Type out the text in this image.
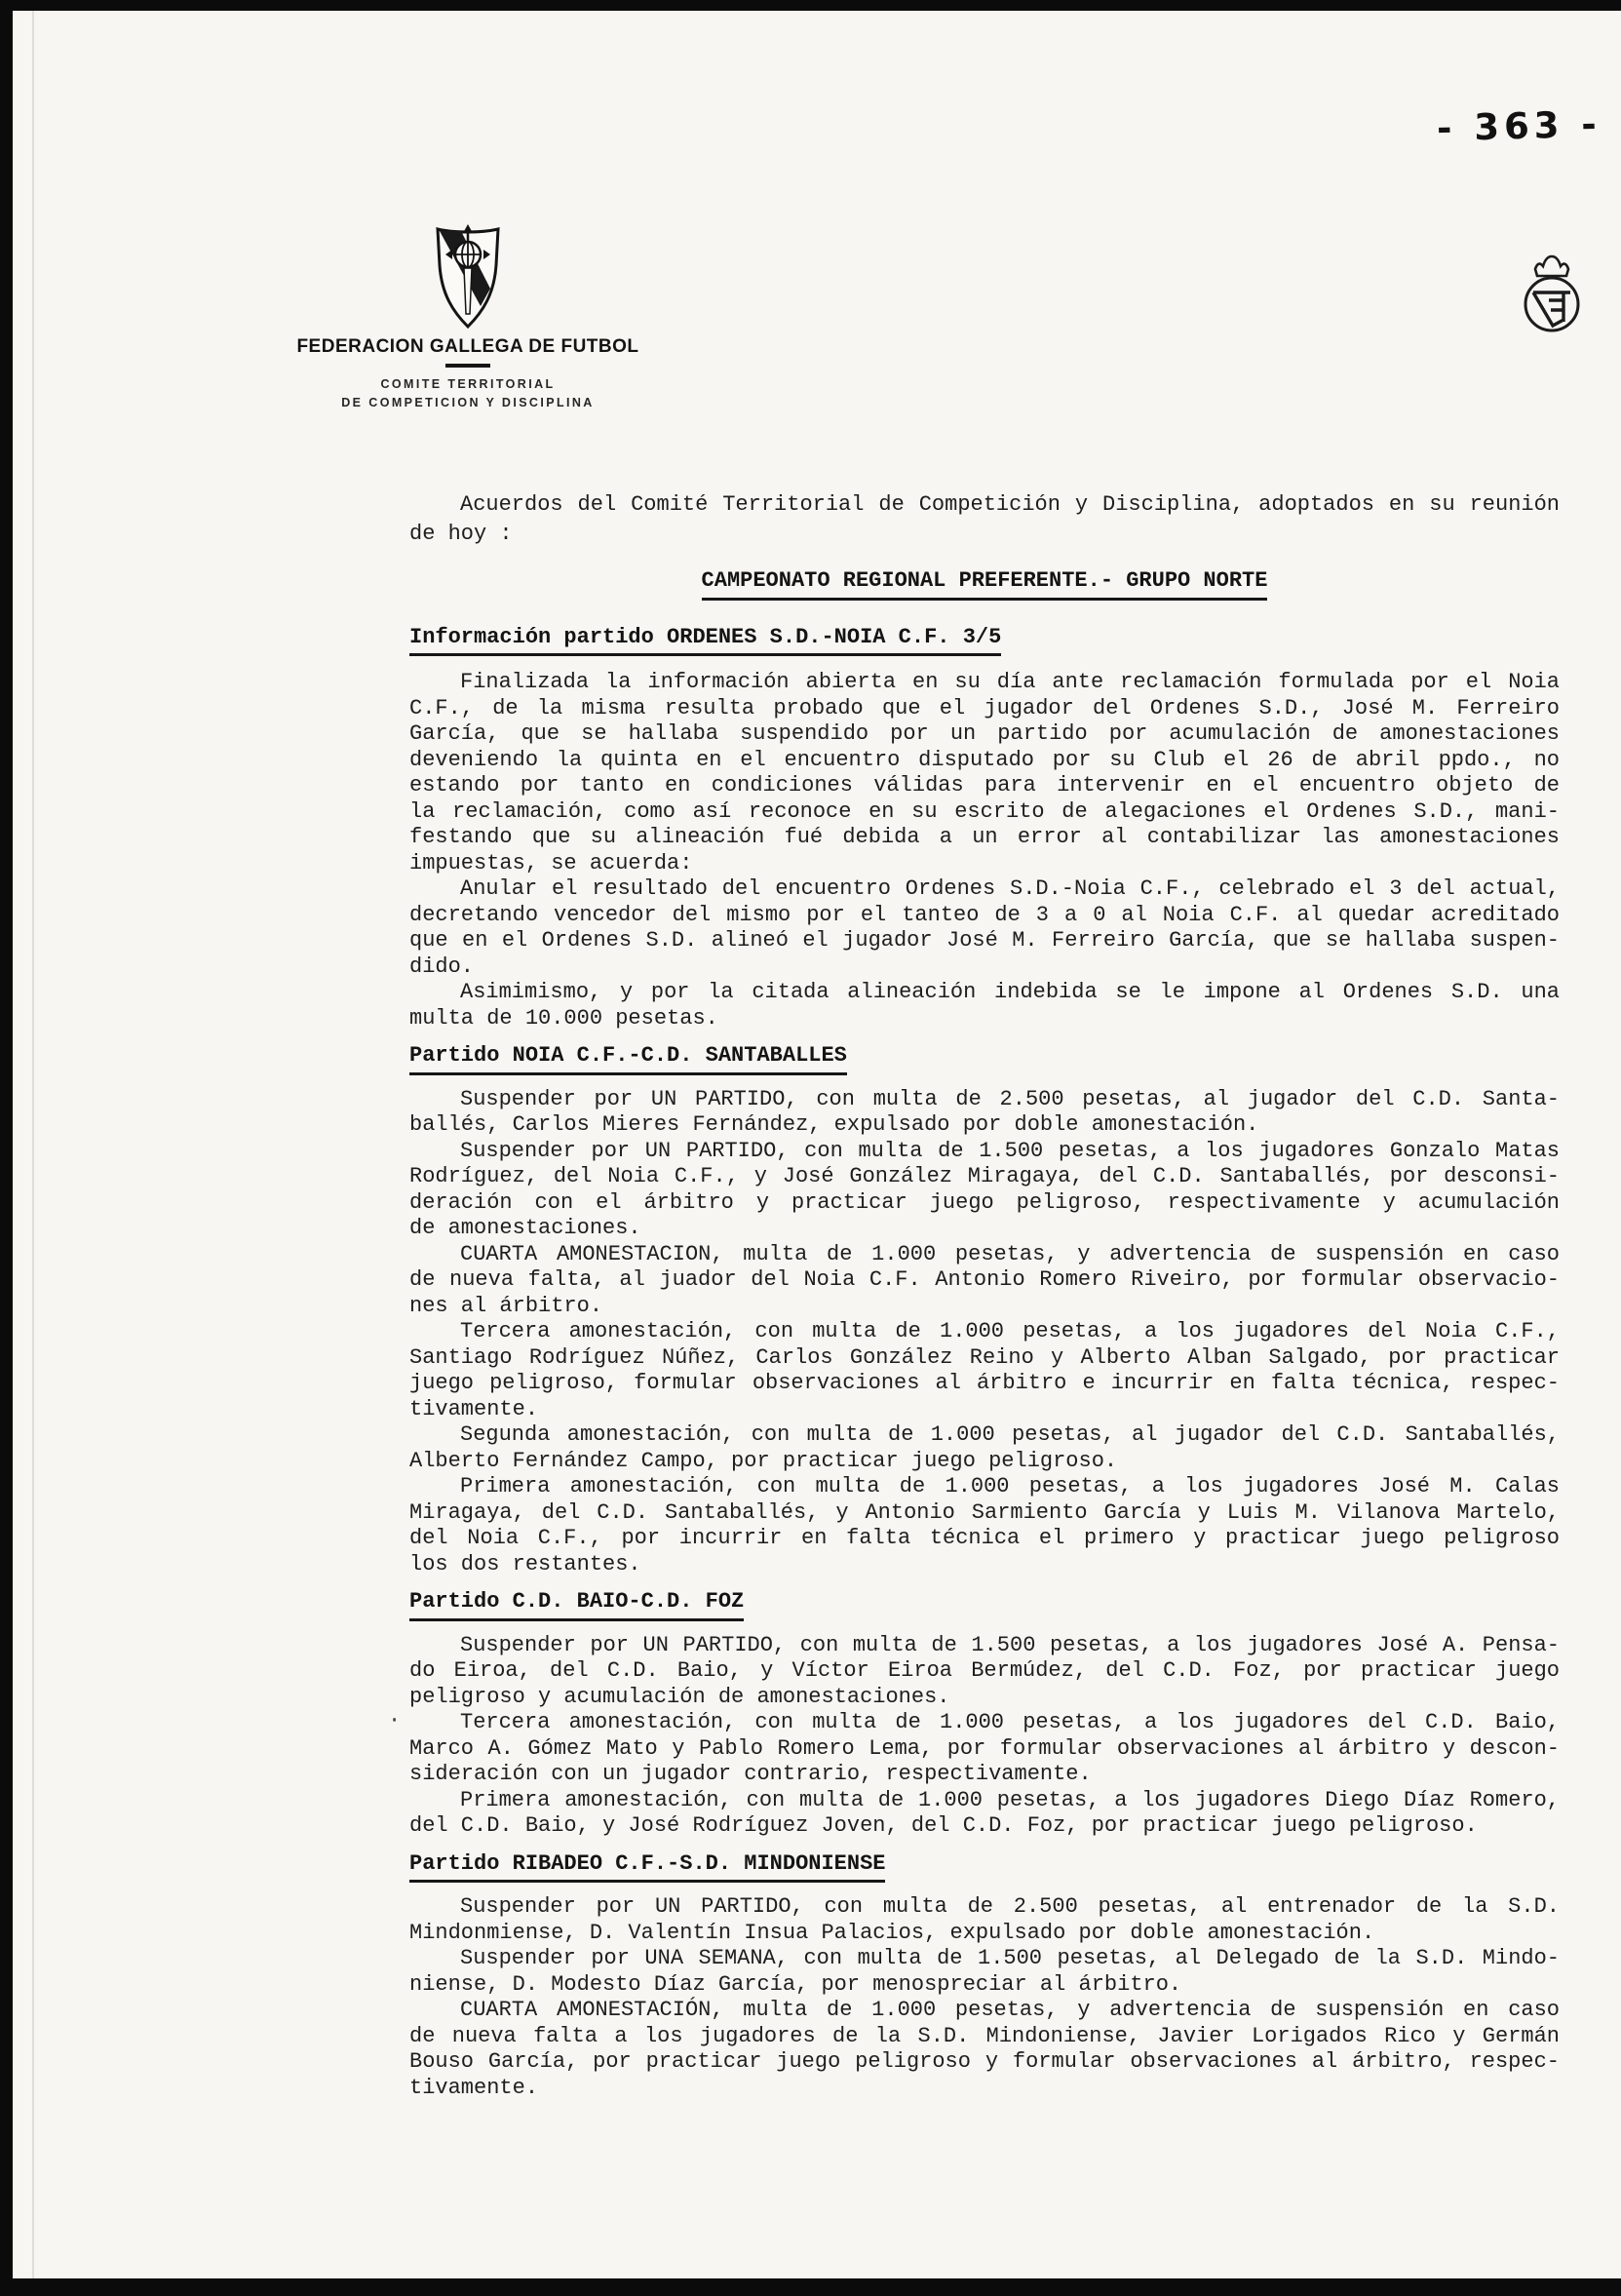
- 363 -
FEDERACION GALLEGA DE FUTBOL
COMITE TERRITORIAL
DE COMPETICION Y DISCIPLINA
Acuerdos del Comité Territorial de Competición y Disciplina, adoptados en su reunión
de hoy :
CAMPEONATO REGIONAL PREFERENTE.- GRUPO NORTE
Información partido ORDENES S.D.-NOIA C.F. 3/5
Finalizada la información abierta en su día ante reclamación formulada por el Noia
C.F., de la misma resulta probado que el jugador del Ordenes S.D., José M. Ferreiro
García, que se hallaba suspendido por un partido por acumulación de amonestaciones
deveniendo la quinta en el encuentro disputado por su Club el 26 de abril ppdo., no
estando por tanto en condiciones válidas para intervenir en el encuentro objeto de
la reclamación, como así reconoce en su escrito de alegaciones el Ordenes S.D., mani-
festando que su alineación fué debida a un error al contabilizar las amonestaciones
impuestas, se acuerda:
Anular el resultado del encuentro Ordenes S.D.-Noia C.F., celebrado el 3 del actual,
decretando vencedor del mismo por el tanteo de 3 a 0 al Noia C.F. al quedar acreditado
que en el Ordenes S.D. alineó el jugador José M. Ferreiro García, que se hallaba suspen-
dido.
Asimimismo, y por la citada alineación indebida se le impone al Ordenes S.D. una
multa de 10.000 pesetas.
Partido NOIA C.F.-C.D. SANTABALLES
Suspender por UN PARTIDO, con multa de 2.500 pesetas, al jugador del C.D. Santa-
ballés, Carlos Mieres Fernández, expulsado por doble amonestación.
Suspender por UN PARTIDO, con multa de 1.500 pesetas, a los jugadores Gonzalo Matas
Rodríguez, del Noia C.F., y José González Miragaya, del C.D. Santaballés, por desconsi-
deración con el árbitro y practicar juego peligroso, respectivamente y acumulación
de amonestaciones.
CUARTA AMONESTACION, multa de 1.000 pesetas, y advertencia de suspensión en caso
de nueva falta, al juador del Noia C.F. Antonio Romero Riveiro, por formular observacio-
nes al árbitro.
Tercera amonestación, con multa de 1.000 pesetas, a los jugadores del Noia C.F.,
Santiago Rodríguez Núñez, Carlos González Reino y Alberto Alban Salgado, por practicar
juego peligroso, formular observaciones al árbitro e incurrir en falta técnica, respec-
tivamente.
Segunda amonestación, con multa de 1.000 pesetas, al jugador del C.D. Santaballés,
Alberto Fernández Campo, por practicar juego peligroso.
Primera amonestación, con multa de 1.000 pesetas, a los jugadores José M. Calas
Miragaya, del C.D. Santaballés, y Antonio Sarmiento García y Luis M. Vilanova Martelo,
del Noia C.F., por incurrir en falta técnica el primero y practicar juego peligroso
los dos restantes.
Partido C.D. BAIO-C.D. FOZ
Suspender por UN PARTIDO, con multa de 1.500 pesetas, a los jugadores José A. Pensa-
do Eiroa, del C.D. Baio, y Víctor Eiroa Bermúdez, del C.D. Foz, por practicar juego
peligroso y acumulación de amonestaciones.
Tercera amonestación, con multa de 1.000 pesetas, a los jugadores del C.D. Baio,
Marco A. Gómez Mato y Pablo Romero Lema, por formular observaciones al árbitro y descon-
sideración con un jugador contrario, respectivamente.
Primera amonestación, con multa de 1.000 pesetas, a los jugadores Diego Díaz Romero,
del C.D. Baio, y José Rodríguez Joven, del C.D. Foz, por practicar juego peligroso.
Partido RIBADEO C.F.-S.D. MINDONIENSE
Suspender por UN PARTIDO, con multa de 2.500 pesetas, al entrenador de la S.D.
Mindonmiense, D. Valentín Insua Palacios, expulsado por doble amonestación.
Suspender por UNA SEMANA, con multa de 1.500 pesetas, al Delegado de la S.D. Mindo-
niense, D. Modesto Díaz García, por menospreciar al árbitro.
CUARTA AMONESTACIÓN, multa de 1.000 pesetas, y advertencia de suspensión en caso
de nueva falta a los jugadores de la S.D. Mindoniense, Javier Lorigados Rico y Germán
Bouso García, por practicar juego peligroso y formular observaciones al árbitro, respec-
tivamente.
·
